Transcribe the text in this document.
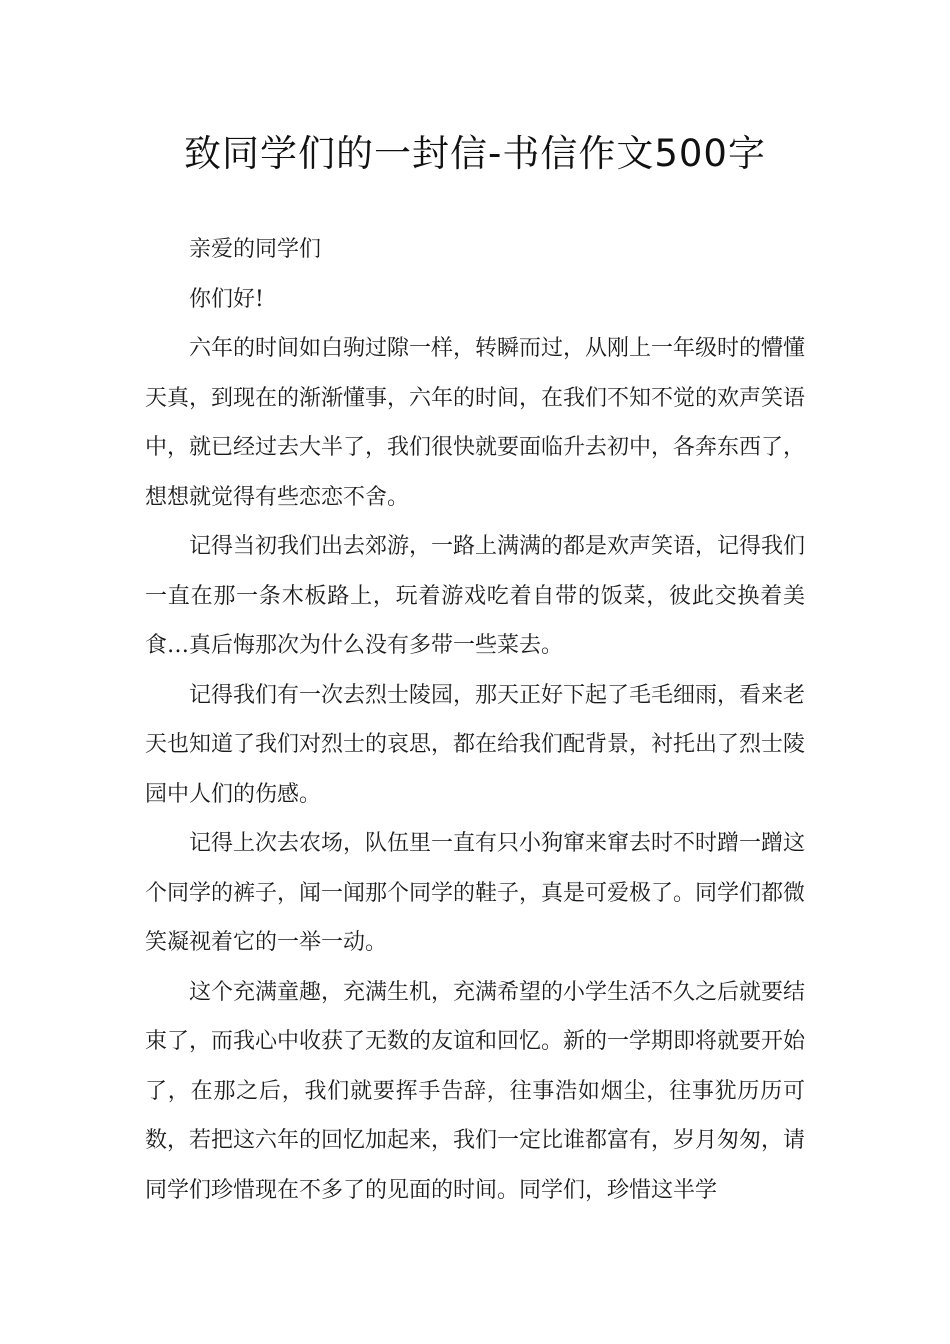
致同学们的一封信-书信作文500字

亲爱的同学们

你们好!

六年的时间如白驹过隙一样，转瞬而过，从刚上一年级时的懵懂天真，到现在的渐渐懂事，六年的时间，在我们不知不觉的欢声笑语中，就已经过去大半了，我们很快就要面临升去初中，各奔东西了，想想就觉得有些恋恋不舍。

记得当初我们出去郊游，一路上满满的都是欢声笑语，记得我们一直在那一条木板路上，玩着游戏吃着自带的饭菜，彼此交换着美食…真后悔那次为什么没有多带一些菜去。

记得我们有一次去烈士陵园，那天正好下起了毛毛细雨，看来老天也知道了我们对烈士的哀思，都在给我们配背景，衬托出了烈士陵园中人们的伤感。

记得上次去农场，队伍里一直有只小狗窜来窜去时不时蹭一蹭这个同学的裤子，闻一闻那个同学的鞋子，真是可爱极了。同学们都微笑凝视着它的一举一动。

这个充满童趣，充满生机，充满希望的小学生活不久之后就要结束了，而我心中收获了无数的友谊和回忆。新的一学期即将就要开始了，在那之后，我们就要挥手告辞，往事浩如烟尘，往事犹历历可数，若把这六年的回忆加起来，我们一定比谁都富有，岁月匆匆，请同学们珍惜现在不多了的见面的时间。同学们，珍惜这半学
